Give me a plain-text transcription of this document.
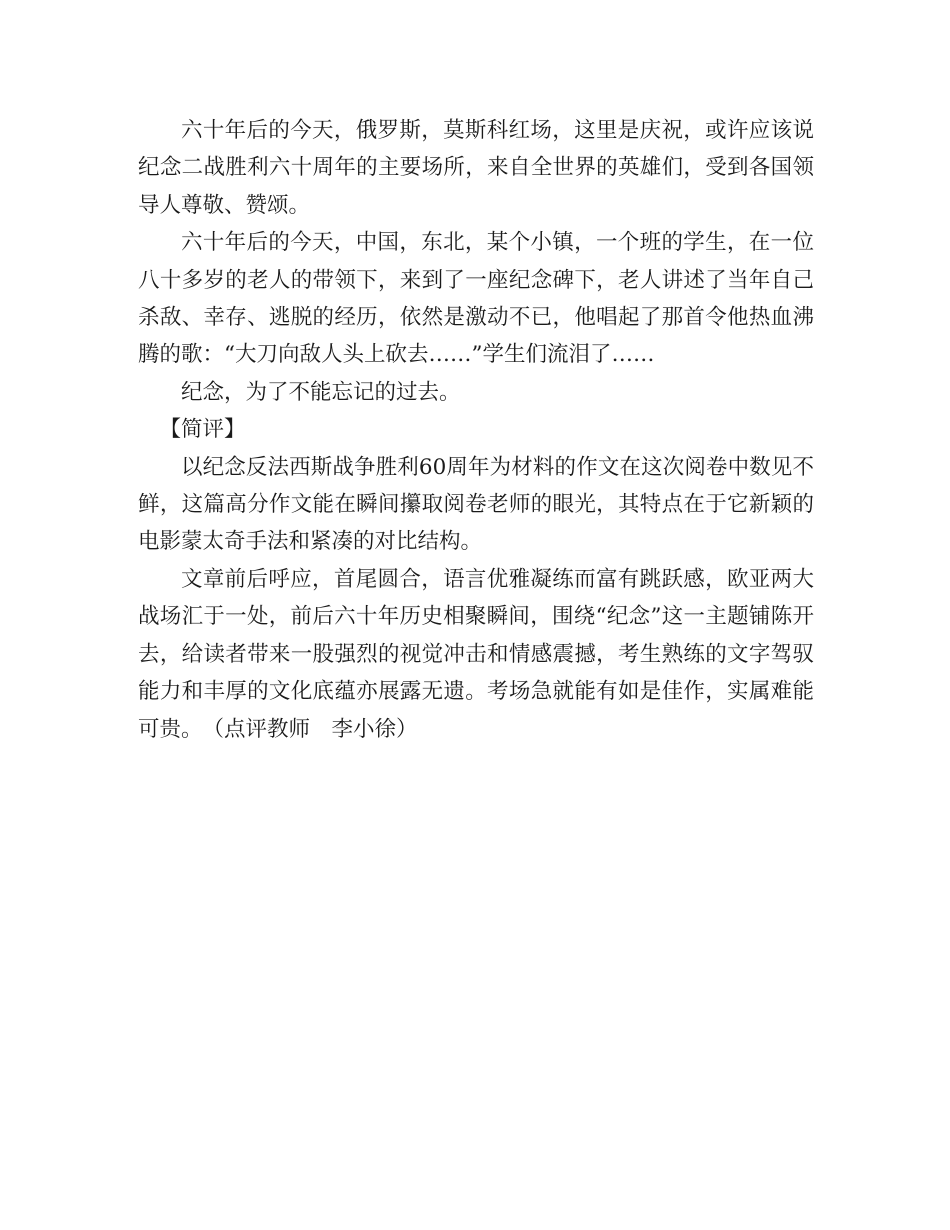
六十年后的今天，俄罗斯，莫斯科红场，这里是庆祝，或许应该说纪念二战胜利六十周年的主要场所，来自全世界的英雄们，受到各国领导人尊敬、赞颂。

六十年后的今天，中国，东北，某个小镇，一个班的学生，在一位八十多岁的老人的带领下，来到了一座纪念碑下，老人讲述了当年自己杀敌、幸存、逃脱的经历，依然是激动不已，他唱起了那首令他热血沸腾的歌：“大刀向敌人头上砍去……”学生们流泪了……

纪念，为了不能忘记的过去。

【简评】

以纪念反法西斯战争胜利60周年为材料的作文在这次阅卷中数见不鲜，这篇高分作文能在瞬间攥取阅卷老师的眼光，其特点在于它新颖的电影蒙太奇手法和紧凑的对比结构。

文章前后呼应，首尾圆合，语言优雅凝练而富有跳跃感，欧亚两大战场汇于一处，前后六十年历史相聚瞬间，围绕“纪念”这一主题铺陈开去，给读者带来一股强烈的视觉冲击和情感震撼，考生熟练的文字驾驭能力和丰厚的文化底蕴亦展露无遗。考场急就能有如是佳作，实属难能可贵。　（点评教师　李小徐）
